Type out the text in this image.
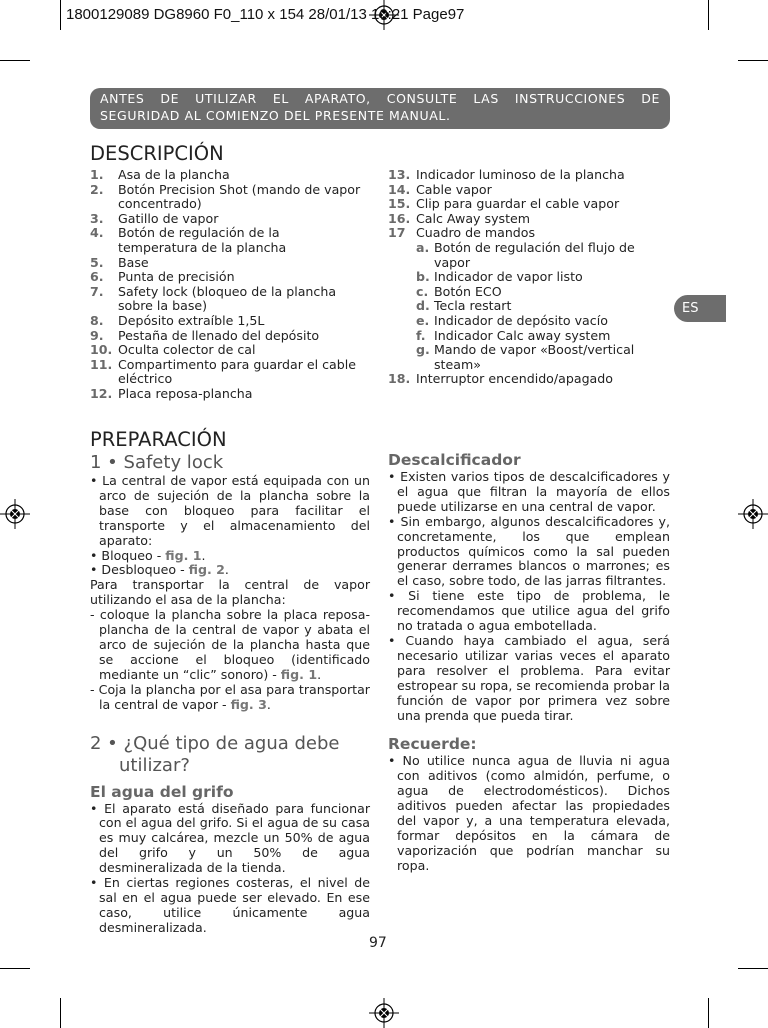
1800129089 DG8960 F0_110 x 154 28/01/13 10:21 Page97
ANTES DE UTILIZAR EL APARATO, CONSULTE LAS INSTRUCCIONES DE
SEGURIDAD AL COMIENZO DEL PRESENTE MANUAL.
ES
DESCRIPCIÓN
1.	Asa de la plancha
2.	Botón Precision Shot (mando de vapor concentrado)
3.	Gatillo de vapor
4.	Botón de regulación de la temperatura de la plancha
5.	Base
6.	Punta de precisión
7.	Safety lock (bloqueo de la plancha sobre la base)
8.	Depósito extraíble 1,5L
9.	Pestaña de llenado del depósito
10. Oculta colector de cal
11. Compartimento para guardar el cable eléctrico
12. Placa reposa-plancha
13. Indicador luminoso de la plancha
14. Cable vapor
15. Clip para guardar el cable vapor
16. Calc Away system
17 Cuadro de mandos
a. Botón de regulación del flujo de vapor
b. Indicador de vapor listo
c. Botón ECO
d. Tecla restart
e. Indicador de depósito vacío
f. Indicador Calc away system
g. Mando de vapor «Boost/vertical steam»
18. Interruptor encendido/apagado
PREPARACIÓN
1 • Safety lock
• La central de vapor está equipada con un arco de sujeción de la plancha sobre la base con bloqueo para facilitar el transporte y el almacenamiento del aparato:
• Bloqueo - fig. 1.
• Desbloqueo - fig. 2.
Para transportar la central de vapor utilizando el asa de la plancha:
- coloque la plancha sobre la placa reposa-plancha de la central de vapor y abata el arco de sujeción de la plancha hasta que se accione el bloqueo (identificado mediante un “clic” sonoro) - fig. 1.
- Coja la plancha por el asa para transportar la central de vapor - fig. 3.
2 • ¿Qué tipo de agua debe
utilizar?
El agua del grifo
• El aparato está diseñado para funcionar con el agua del grifo. Si el agua de su casa es muy calcárea, mezcle un 50% de agua del grifo y un 50% de agua desmineralizada de la tienda.
• En ciertas regiones costeras, el nivel de sal en el agua puede ser elevado. En ese caso, utilice únicamente agua desmineralizada.
Descalcificador
• Existen varios tipos de descalcificadores y el agua que filtran la mayoría de ellos puede utilizarse en una central de vapor.
• Sin embargo, algunos descalcificadores y, concretamente, los que emplean productos químicos como la sal pueden generar derrames blancos o marrones; es el caso, sobre todo, de las jarras filtrantes.
• Si tiene este tipo de problema, le recomendamos que utilice agua del grifo no tratada o agua embotellada.
• Cuando haya cambiado el agua, será necesario utilizar varias veces el aparato para resolver el problema. Para evitar estropear su ropa, se recomienda probar la función de vapor por primera vez sobre una prenda que pueda tirar.
Recuerde:
• No utilice nunca agua de lluvia ni agua con aditivos (como almidón, perfume, o agua de electrodomésticos). Dichos aditivos pueden afectar las propiedades del vapor y, a una temperatura elevada, formar depósitos en la cámara de vaporización que podrían manchar su ropa.
97
